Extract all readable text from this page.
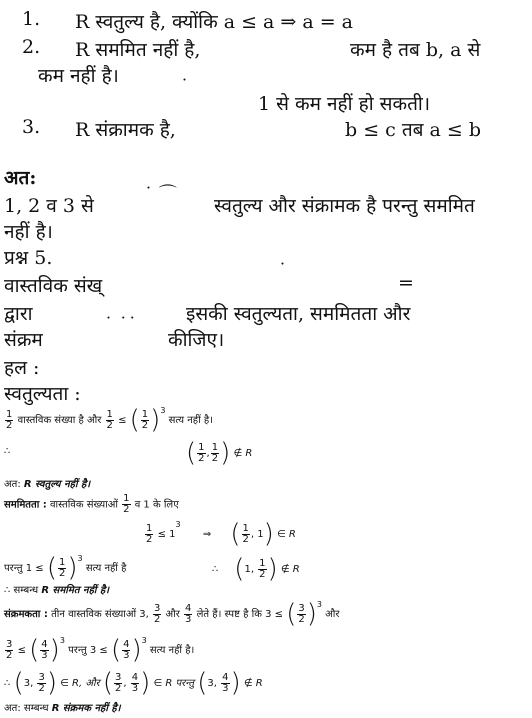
1. R स्वतुल्य है, क्योंकि a ≤ a ⇒ a = a
2. R सममित नहीं है,	कम है तब b, a से
कम नहीं है।	˙
1 से कम नहीं हो सकती।
3. R संक्रामक है,	b ≤ c तब a ≤ b
अत:
1, 2 व 3 से
˙ ⌒
स्वतुल्य और संक्रामक है परन्तु सममित
नहीं है।
प्रश्न 5.
˙
वास्तविक संख्	=
द्वारा	इसकी स्वतुल्यता, सममितता और
संक्रम
˙ ˙˙
कीजिए।
हल :
स्वतुल्यता :
$\frac{1}{2}$ वास्तविक संख्या है और $\frac{1}{2}$ ≤ ( $\frac{1}{2} )^3$ सत्य नहीं है।
∴	( $\frac{1}{2}$ , $\frac{1}{2}$ ) ∉ R
अत: R स्वतुल्य नहीं है।
सममितता : वास्तविक संख्याओं $\frac{1}{2}$ व 1 के लिए
$\frac{1}{2} \le 1^3$       ⇒ ( $\frac{1}{2}$ , 1) ∈ R
परन्तु 1 ≤ ( $\frac{1}{2} )^3$ सत्य नहीं है	∴ (1, $\frac{1}{2}$ ) ∉ R
∴ सम्बन्ध R सममित नहीं है।
संक्रमकता : तीन वास्तविक संख्याओं 3, $\frac{3}{2}$ और $\frac{4}{3}$ लेते हैं। स्पष्ट है कि 3 ≤ ( $\frac{3}{2} )^3$ और
$\frac{3}{2}$ ≤ ( $\frac{4}{3} )^3$ परन्तु 3 ≤ ( $\frac{4}{3} )^3$ सत्य नहीं है।
∴ (3, $\frac{3}{2}$ ) ∈ R, और ( $\frac{3}{2}$ , $\frac{4}{3}$ ) ∈ R परन्तु (3, $\frac{4}{3}$ ) ∉ R
अत: सम्बन्ध R संक्रमक नहीं है।
